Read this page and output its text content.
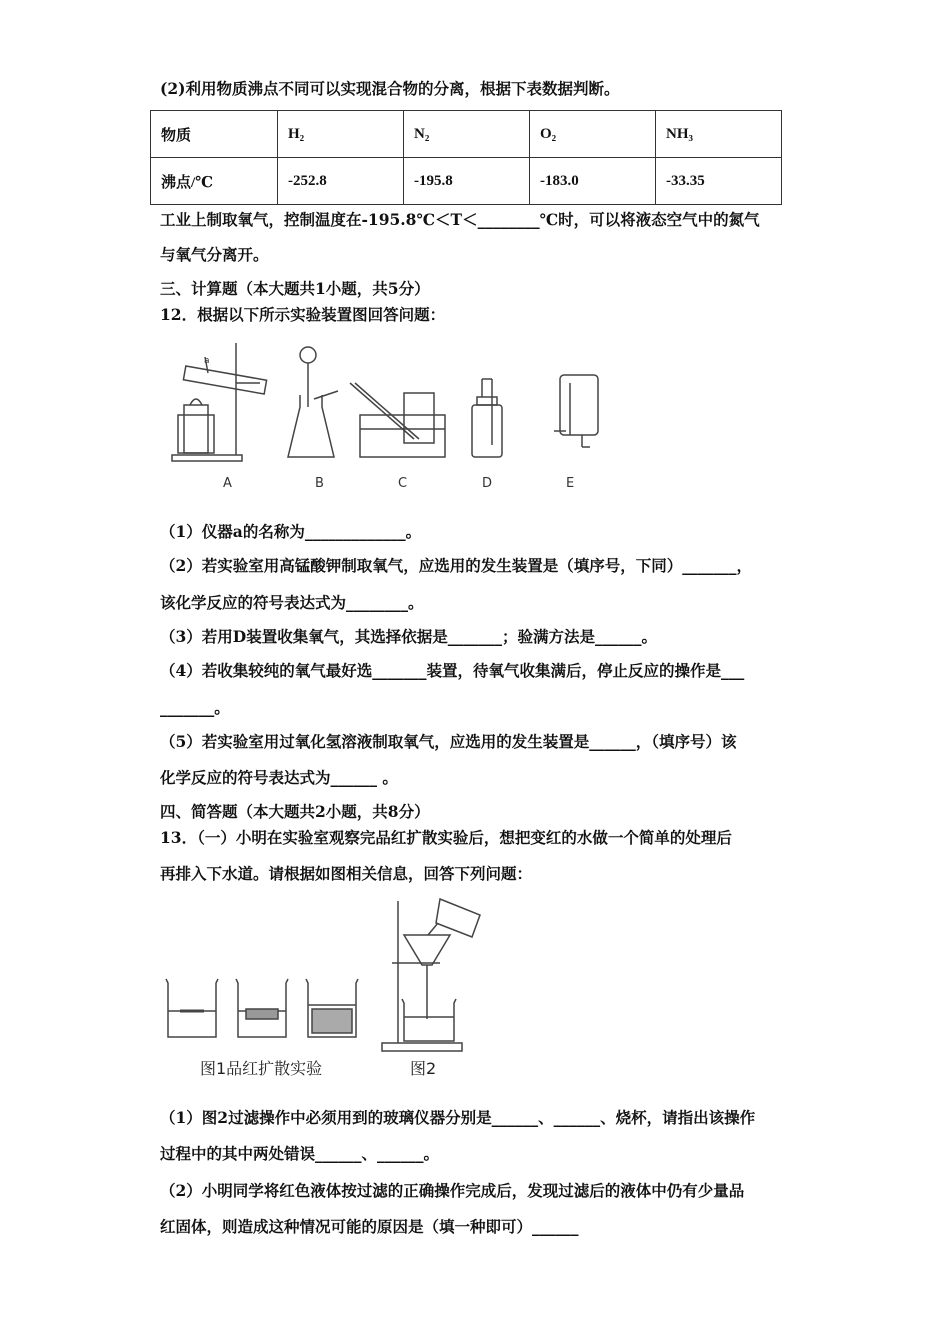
(2)利用物质沸点不同可以实现混合物的分离，根据下表数据判断。
物质	H₂	N₂	O₂	NH₃
沸点/℃	-252.8	-195.8	-183.0	-33.35
工业上制取氧气，控制温度在-195.8℃＜T＜________℃时，可以将液态空气中的氮气
与氧气分离开。
三、计算题（本大题共1小题，共5分）
12．根据以下所示实验装置图回答问题：
a
A	B	C	D	E
（1）仪器a的名称为_____________。
（2）若实验室用高锰酸钾制取氧气，应选用的发生装置是（填序号，下同）_______，
该化学反应的符号表达式为________。
（3）若用D装置收集氧气，其选择依据是_______；验满方法是______。
（4）若收集较纯的氧气最好选_______装置，待氧气收集满后，停止反应的操作是___
_______。
（5）若实验室用过氧化氢溶液制取氧气，应选用的发生装置是______，（填序号）该
化学反应的符号表达式为______ 。
四、简答题（本大题共2小题，共8分）
13．（一）小明在实验室观察完品红扩散实验后，想把变红的水做一个简单的处理后
再排入下水道。请根据如图相关信息，回答下列问题：
图1品红扩散实验	图2
（1）图2过滤操作中必须用到的玻璃仪器分别是______、______、烧杯，请指出该操作
过程中的其中两处错误______、______。
（2）小明同学将红色液体按过滤的正确操作完成后，发现过滤后的液体中仍有少量品
红固体，则造成这种情况可能的原因是（填一种即可）______
